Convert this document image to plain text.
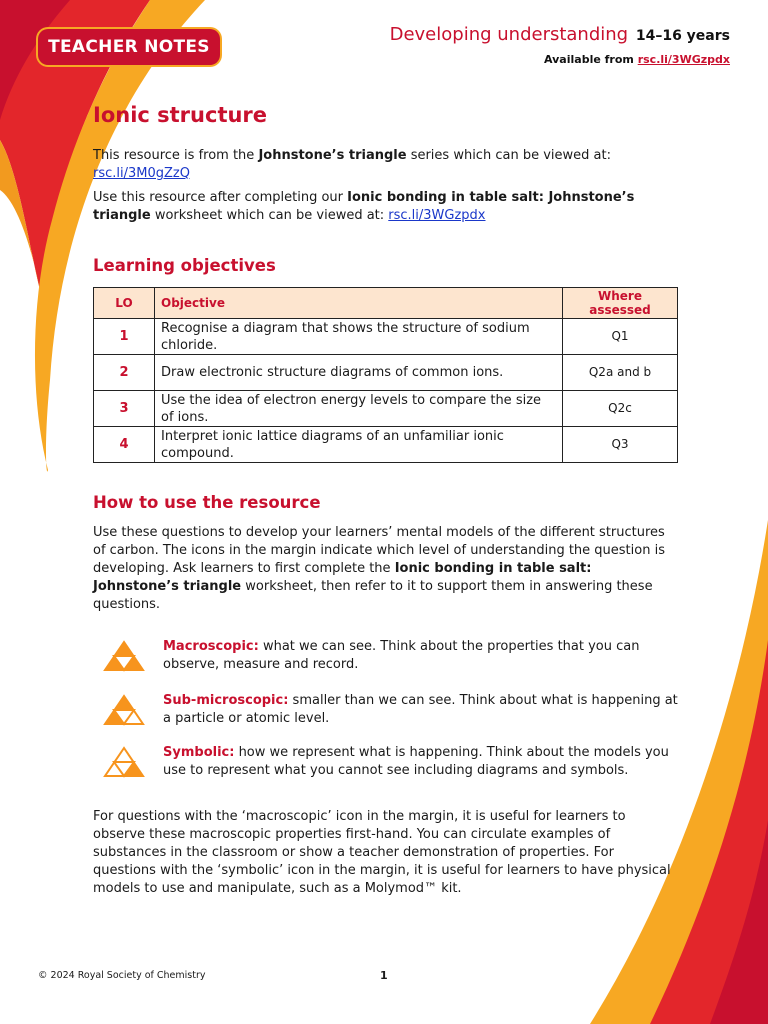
TEACHER NOTES
Developing understanding 14–16 years
Available from rsc.li/3WGzpdx
Ionic structure

This resource is from the Johnstone’s triangle series which can be viewed at:
rsc.li/3M0gZzQ

Use this resource after completing our Ionic bonding in table salt: Johnstone’s triangle worksheet which can be viewed at: rsc.li/3WGzpdx

Learning objectives
LO	Objective	Where assessed
1	Recognise a diagram that shows the structure of sodium chloride.	Q1
2	Draw electronic structure diagrams of common ions.	Q2a and b
3	Use the idea of electron energy levels to compare the size of ions.	Q2c
4	Interpret ionic lattice diagrams of an unfamiliar ionic compound.	Q3
How to use the resource

Use these questions to develop your learners’ mental models of the different structures of carbon. The icons in the margin indicate which level of understanding the question is developing. Ask learners to first complete the Ionic bonding in table salt: Johnstone’s triangle worksheet, then refer to it to support them in answering these questions.

Macroscopic: what we can see. Think about the properties that you can observe, measure and record.
Sub-microscopic: smaller than we can see. Think about what is happening at a particle or atomic level.
Symbolic: how we represent what is happening. Think about the models you use to represent what you cannot see including diagrams and symbols.

For questions with the ‘macroscopic’ icon in the margin, it is useful for learners to observe these macroscopic properties first-hand. You can circulate examples of substances in the classroom or show a teacher demonstration of properties. For questions with the ‘symbolic’ icon in the margin, it is useful for learners to have physical models to use and manipulate, such as a Molymod™ kit.

© 2024 Royal Society of Chemistry	1
